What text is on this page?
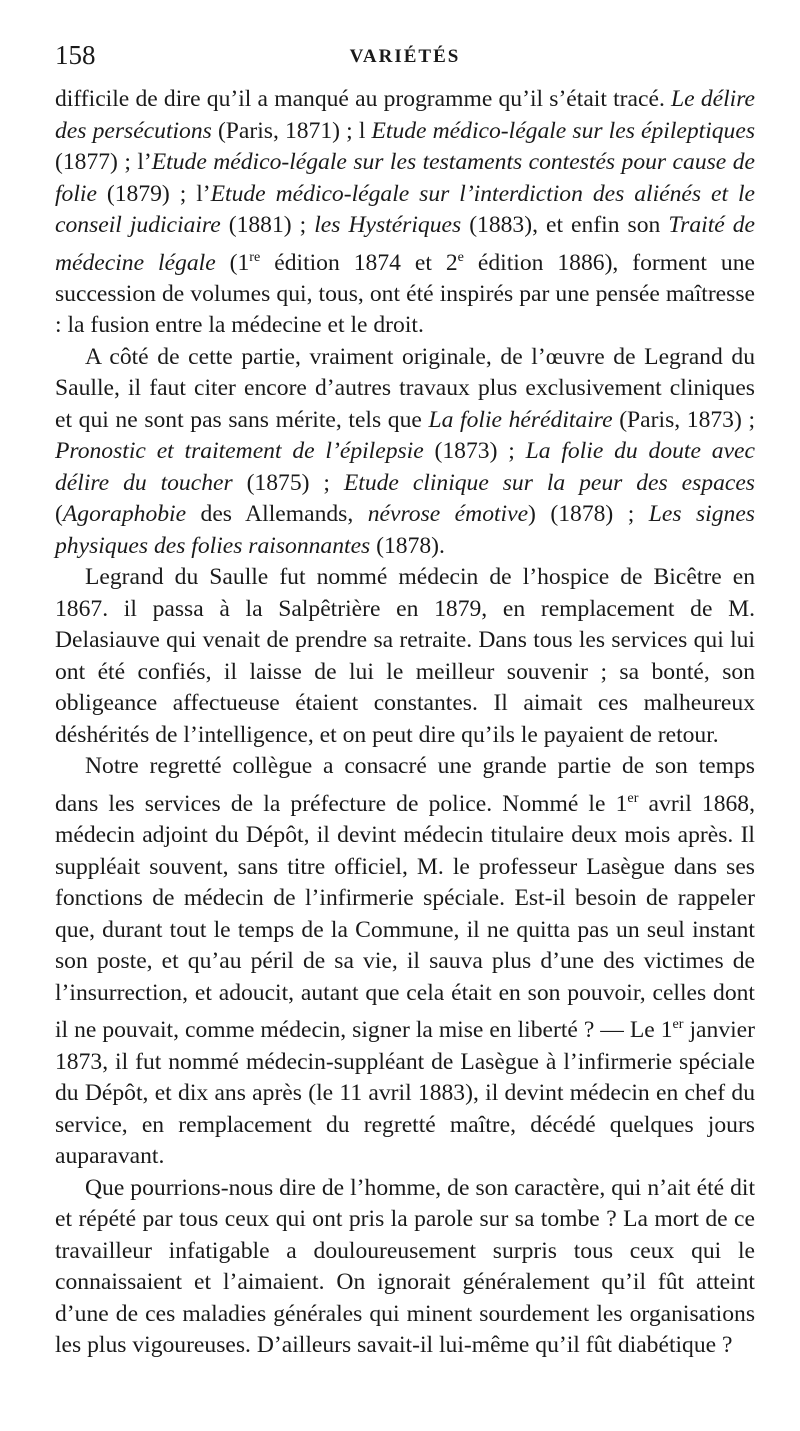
158	VARIÉTÉS

difficile de dire qu’il a manqué au programme qu’il s’était tracé. Le délire des persécutions (Paris, 1871) ; l Etude médico-légale sur les épileptiques (1877) ; l’Etude médico-légale sur les testaments contestés pour cause de folie (1879) ; l’Etude médico-légale sur l’interdiction des aliénés et le conseil judiciaire (1881) ; les Hystériques (1883), et enfin son Traité de médecine légale (1re édition 1874 et 2e édition 1886), forment une succession de volumes qui, tous, ont été inspirés par une pensée maîtresse : la fusion entre la médecine et le droit.

A côté de cette partie, vraiment originale, de l’œuvre de Legrand du Saulle, il faut citer encore d’autres travaux plus exclusivement cliniques et qui ne sont pas sans mérite, tels que La folie héréditaire (Paris, 1873) ; Pronostic et traitement de l’épilepsie (1873) ; La folie du doute avec délire du toucher (1875) ; Etude clinique sur la peur des espaces (Agoraphobie des Allemands, névrose émotive) (1878) ; Les signes physiques des folies raisonnantes (1878).

Legrand du Saulle fut nommé médecin de l’hospice de Bicêtre en 1867. il passa à la Salpêtrière en 1879, en remplacement de M. Delasiauve qui venait de prendre sa retraite. Dans tous les services qui lui ont été confiés, il laisse de lui le meilleur souvenir ; sa bonté, son obligeance affectueuse étaient constantes. Il aimait ces malheureux déshérités de l’intelligence, et on peut dire qu’ils le payaient de retour.

Notre regretté collègue a consacré une grande partie de son temps dans les services de la préfecture de police. Nommé le 1er avril 1868, médecin adjoint du Dépôt, il devint médecin titulaire deux mois après. Il suppléait souvent, sans titre officiel, M. le professeur Lasègue dans ses fonctions de médecin de l’infirmerie spéciale. Est-il besoin de rappeler que, durant tout le temps de la Commune, il ne quitta pas un seul instant son poste, et qu’au péril de sa vie, il sauva plus d’une des victimes de l’insurrection, et adoucit, autant que cela était en son pouvoir, celles dont il ne pouvait, comme médecin, signer la mise en liberté ? — Le 1er janvier 1873, il fut nommé médecin-suppléant de Lasègue à l’infirmerie spéciale du Dépôt, et dix ans après (le 11 avril 1883), il devint médecin en chef du service, en remplacement du regretté maître, décédé quelques jours auparavant.

Que pourrions-nous dire de l’homme, de son caractère, qui n’ait été dit et répété par tous ceux qui ont pris la parole sur sa tombe ? La mort de ce travailleur infatigable a douloureusement surpris tous ceux qui le connaissaient et l’aimaient. On ignorait généralement qu’il fût atteint d’une de ces maladies générales qui minent sourdement les organisations les plus vigoureuses. D’ailleurs savait-il lui-même qu’il fût diabétique ?
